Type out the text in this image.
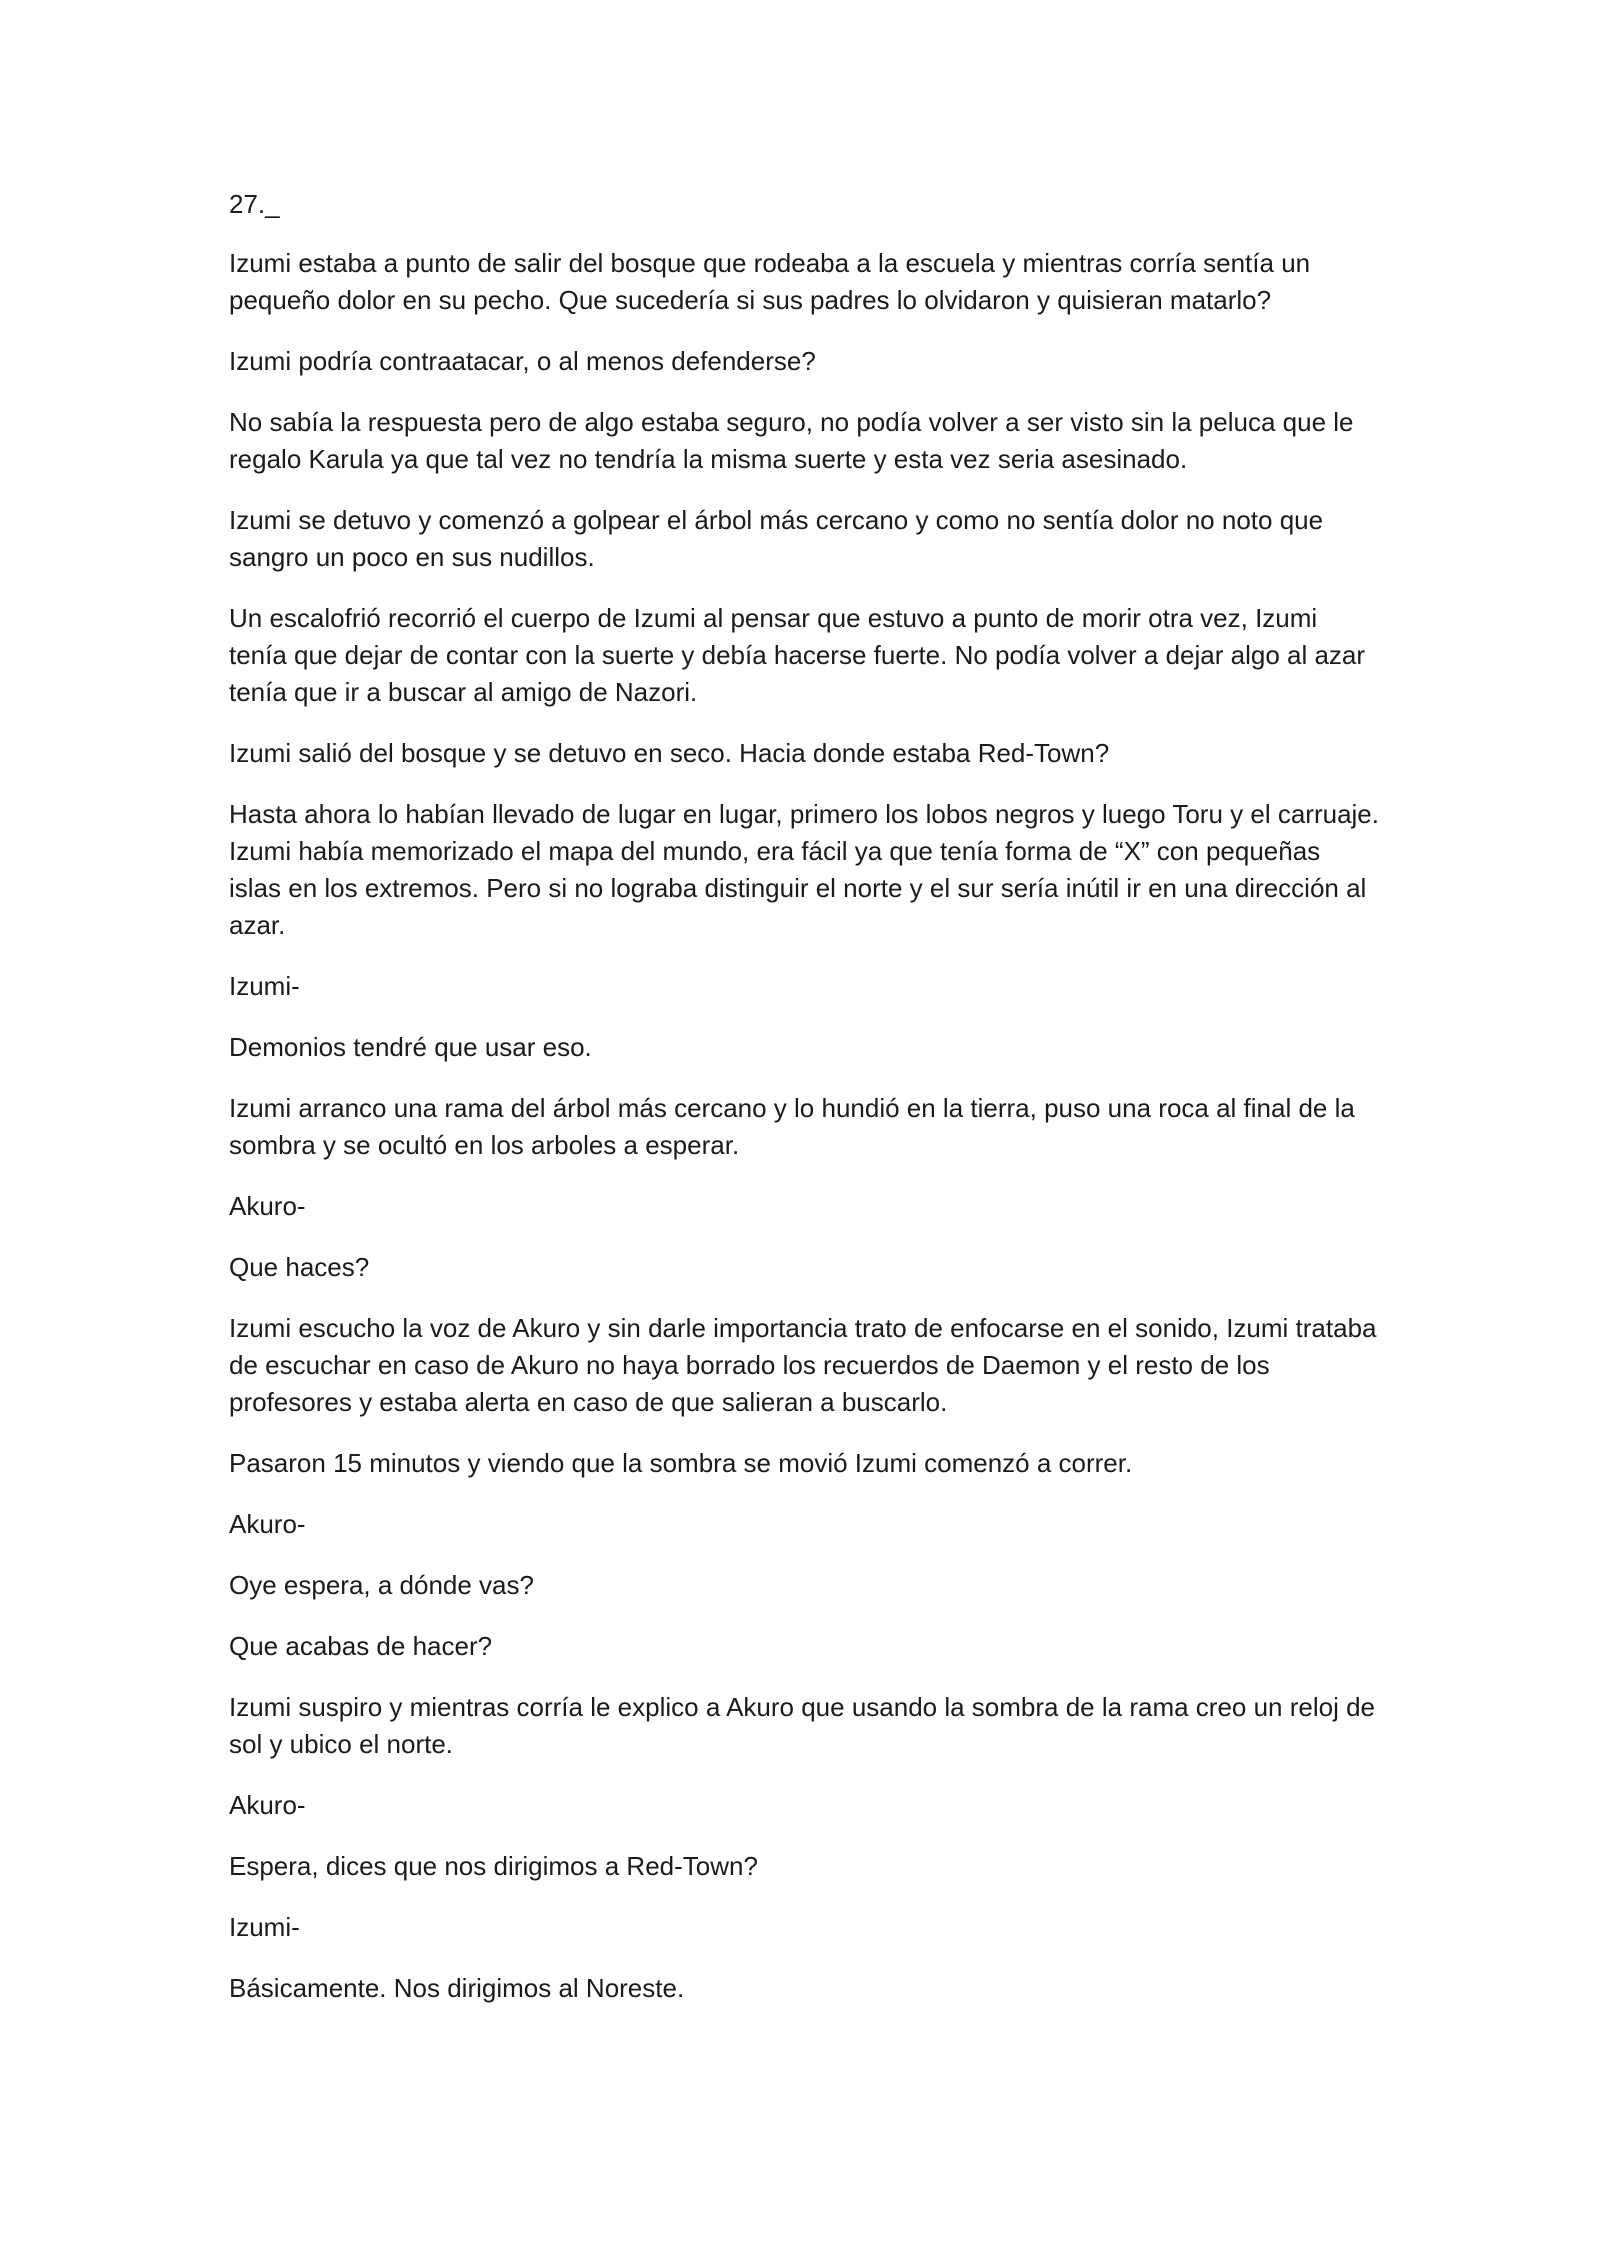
27._

Izumi estaba a punto de salir del bosque que rodeaba a la escuela y mientras corría sentía un pequeño dolor en su pecho. Que sucedería si sus padres lo olvidaron y quisieran matarlo?

Izumi podría contraatacar, o al menos defenderse?

No sabía la respuesta pero de algo estaba seguro, no podía volver a ser visto sin la peluca que le regalo Karula ya que tal vez no tendría la misma suerte y esta vez seria asesinado.

Izumi se detuvo y comenzó a golpear el árbol más cercano y como no sentía dolor no noto que sangro un poco en sus nudillos.

Un escalofrió recorrió el cuerpo de Izumi al pensar que estuvo a punto de morir otra vez, Izumi tenía que dejar de contar con la suerte y debía hacerse fuerte. No podía volver a dejar algo al azar tenía que ir a buscar al amigo de Nazori.

Izumi salió del bosque y se detuvo en seco. Hacia donde estaba Red-Town?

Hasta ahora lo habían llevado de lugar en lugar, primero los lobos negros y luego Toru y el carruaje. Izumi había memorizado el mapa del mundo, era fácil ya que tenía forma de “X” con pequeñas islas en los extremos. Pero si no lograba distinguir el norte y el sur sería inútil ir en una dirección al azar.

Izumi-

Demonios tendré que usar eso.

Izumi arranco una rama del árbol más cercano y lo hundió en la tierra, puso una roca al final de la sombra y se ocultó en los arboles a esperar.

Akuro-

Que haces?

Izumi escucho la voz de Akuro y sin darle importancia trato de enfocarse en el sonido, Izumi trataba de escuchar en caso de Akuro no haya borrado los recuerdos de Daemon y el resto de los profesores y estaba alerta en caso de que salieran a buscarlo.

Pasaron 15 minutos y viendo que la sombra se movió Izumi comenzó a correr.

Akuro-

Oye espera, a dónde vas?

Que acabas de hacer?

Izumi suspiro y mientras corría le explico a Akuro que usando la sombra de la rama creo un reloj de sol y ubico el norte.

Akuro-

Espera, dices que nos dirigimos a Red-Town?

Izumi-

Básicamente. Nos dirigimos al Noreste.
